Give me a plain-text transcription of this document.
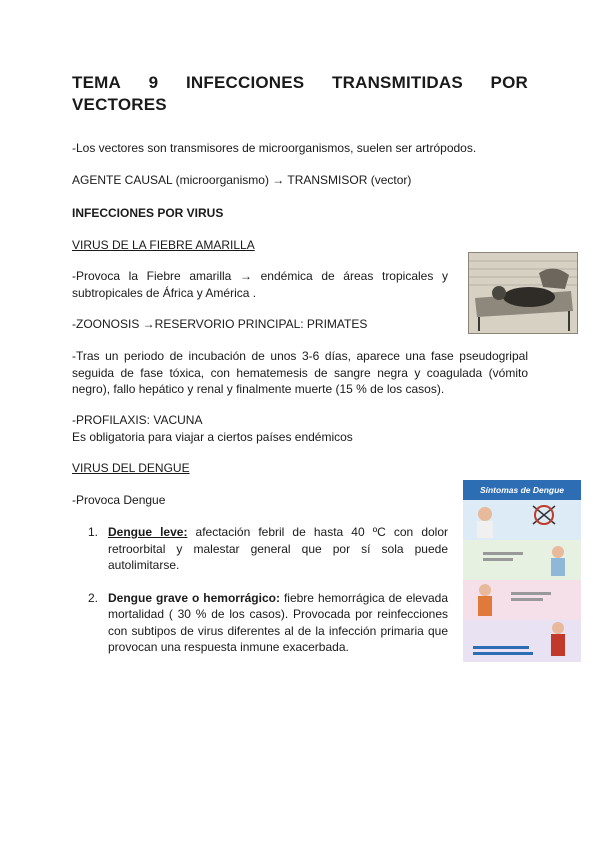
TEMA 9 INFECCIONES TRANSMITIDAS POR
VECTORES
-Los vectores son transmisores de microorganismos, suelen ser artrópodos.
AGENTE CAUSAL (microorganismo) → TRANSMISOR (vector)
INFECCIONES POR VIRUS
VIRUS DE LA FIEBRE AMARILLA
-Provoca la Fiebre amarilla → endémica de áreas tropicales y subtropicales de África y América .
-ZOONOSIS →RESERVORIO PRINCIPAL: PRIMATES
-Tras un periodo de incubación de unos 3-6 días, aparece una fase pseudogripal seguida de fase tóxica, con hematemesis de sangre negra y coagulada (vómito negro), fallo hepático y renal y finalmente muerte (15 % de los casos).
-PROFILAXIS: VACUNA
Es obligatoria para viajar a ciertos países endémicos
VIRUS DEL DENGUE
-Provoca Dengue
1. Dengue leve: afectación febril de hasta 40 ºC con dolor retroorbital y malestar general que por sí sola puede autolimitarse.
2. Dengue grave o hemorrágico: fiebre hemorrágica de elevada mortalidad ( 30 % de los casos). Provocada por reinfecciones con subtipos de virus diferentes al de la infección primaria que provocan una respuesta inmune exacerbada.
Síntomas de Dengue
